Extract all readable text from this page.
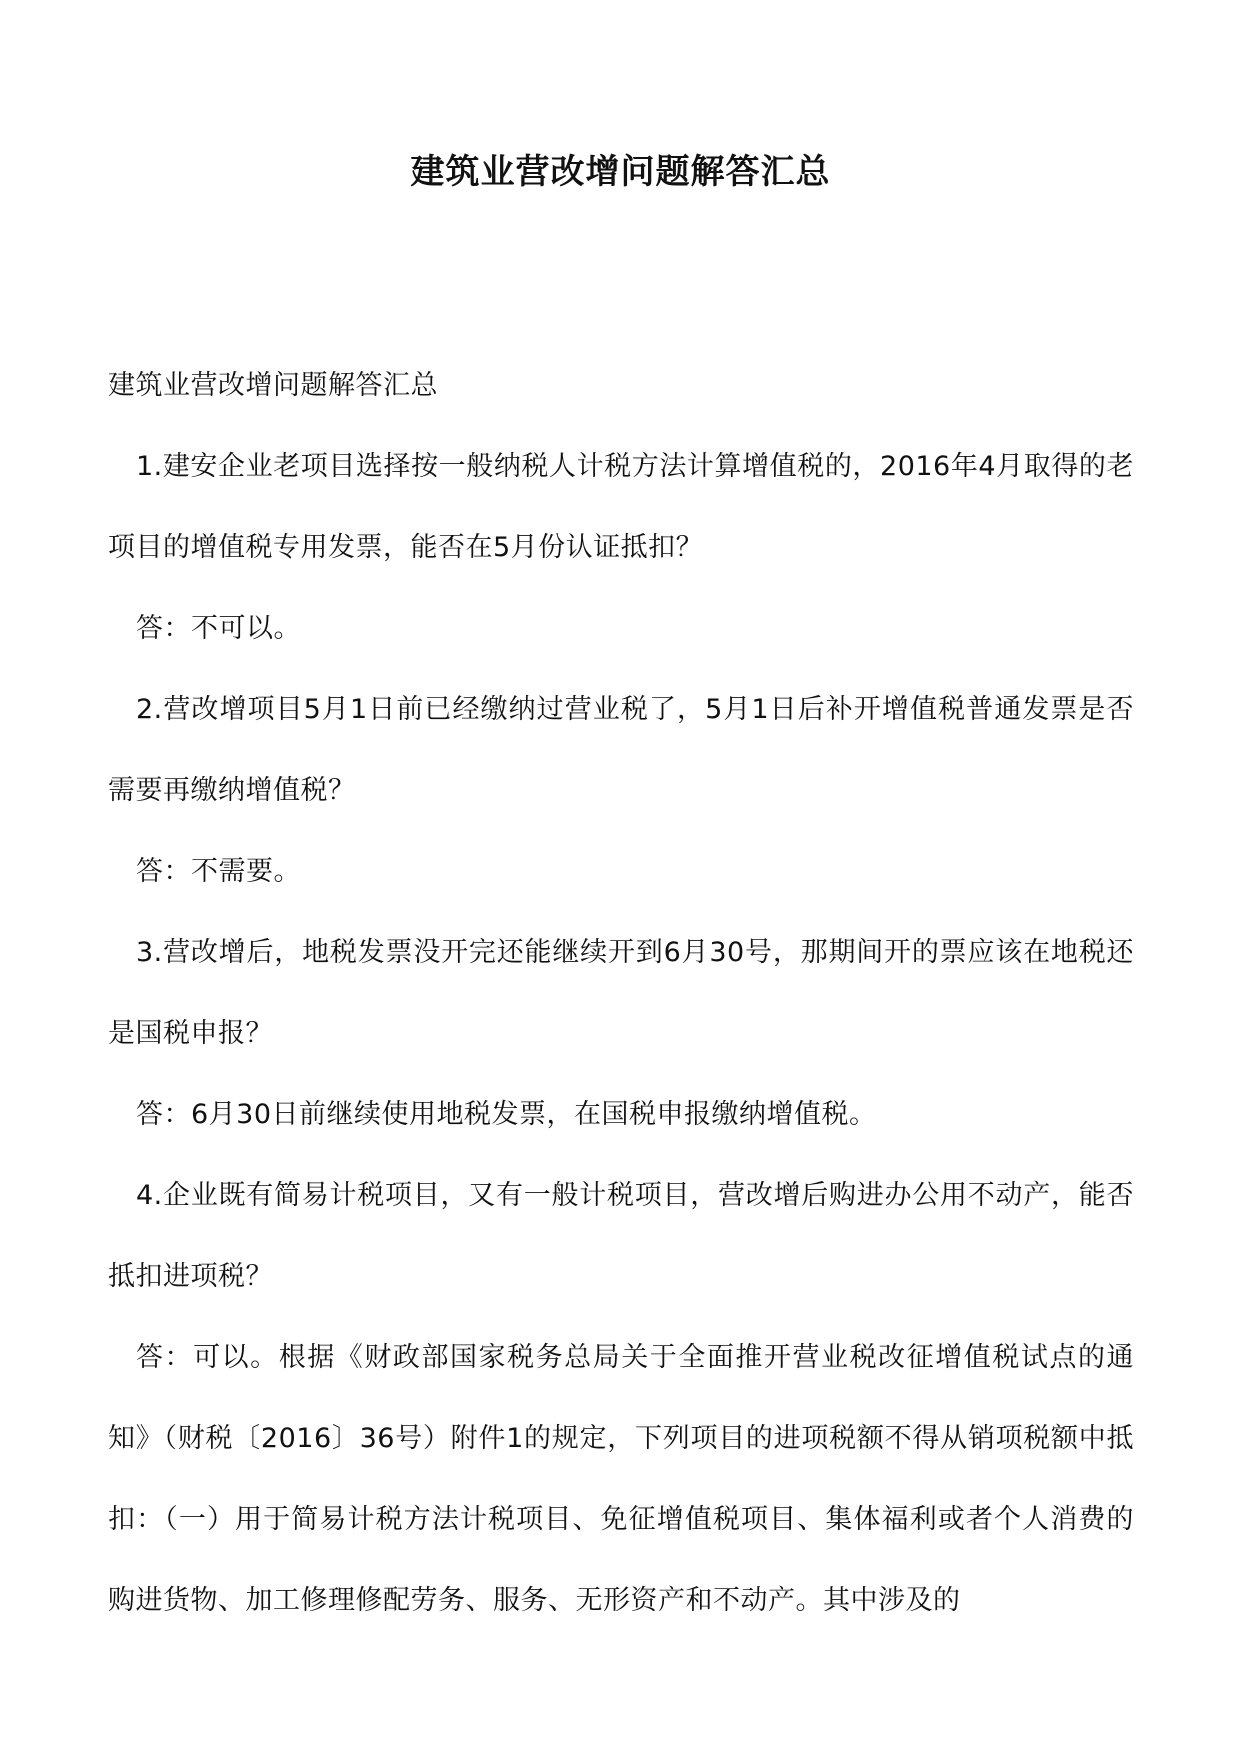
建筑业营改增问题解答汇总

建筑业营改增问题解答汇总

1.建安企业老项目选择按一般纳税人计税方法计算增值税的，2016年4月取得的老项目的增值税专用发票，能否在5月份认证抵扣？

答：不可以。

2.营改增项目5月1日前已经缴纳过营业税了，5月1日后补开增值税普通发票是否需要再缴纳增值税？

答：不需要。

3.营改增后，地税发票没开完还能继续开到6月30号，那期间开的票应该在地税还是国税申报？

答：6月30日前继续使用地税发票，在国税申报缴纳增值税。

4.企业既有简易计税项目，又有一般计税项目，营改增后购进办公用不动产，能否抵扣进项税？

答：可以。根据《财政部国家税务总局关于全面推开营业税改征增值税试点的通知》（财税〔2016〕36号）附件1的规定，下列项目的进项税额不得从销项税额中抵扣：（一）用于简易计税方法计税项目、免征增值税项目、集体福利或者个人消费的购进货物、加工修理修配劳务、服务、无形资产和不动产。其中涉及的
